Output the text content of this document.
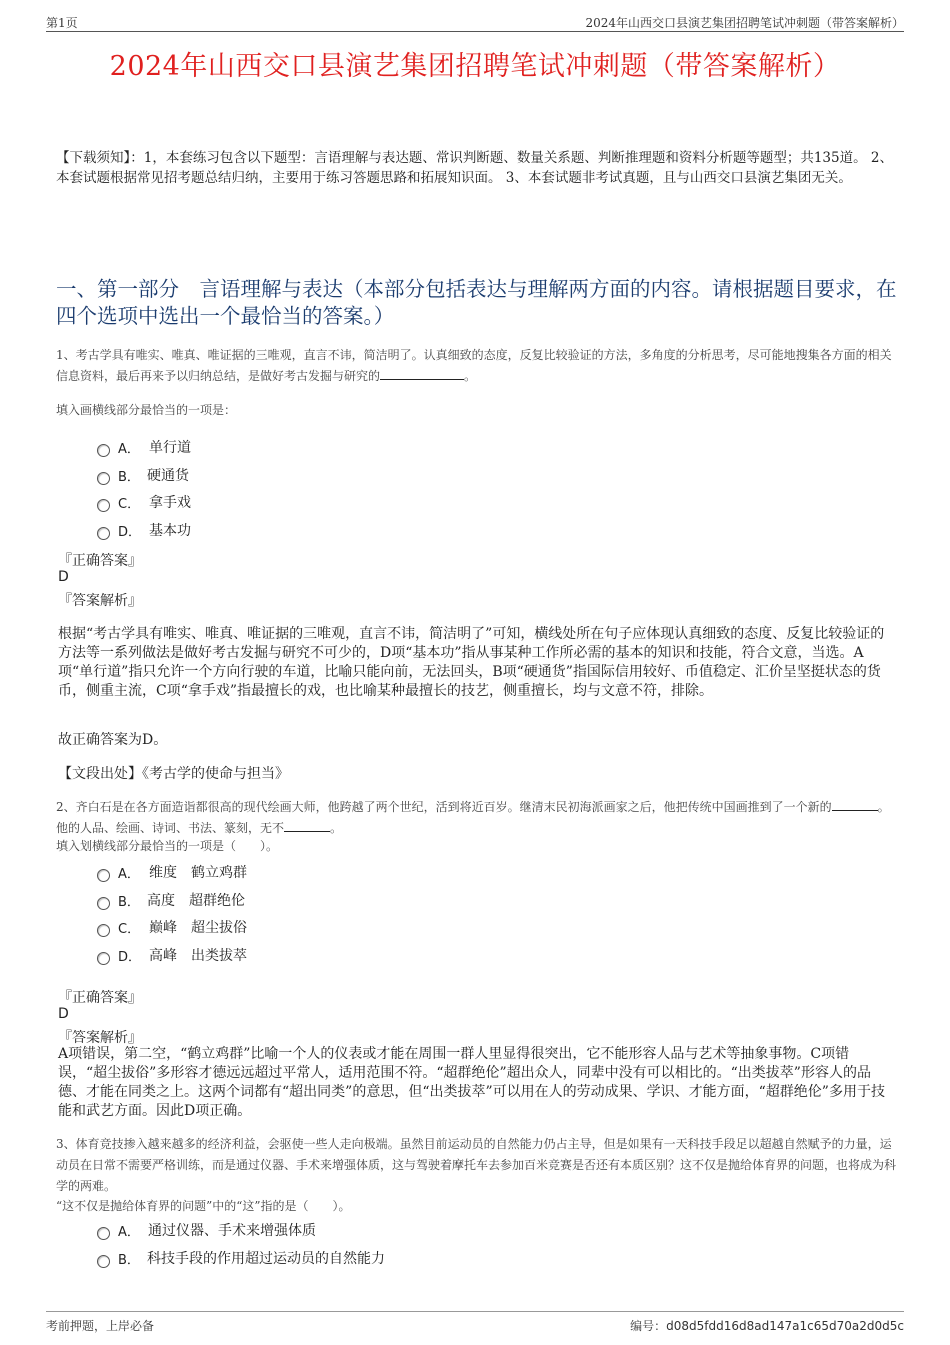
第1页	2024年山西交口县演艺集团招聘笔试冲刺题（带答案解析）
2024年山西交口县演艺集团招聘笔试冲刺题（带答案解析）
【下载须知】：1，本套练习包含以下题型：言语理解与表达题、常识判断题、数量关系题、判断推理题和资料分析题等题型；共135道。 2、本套试题根据常见招考题总结归纳，主要用于练习答题思路和拓展知识面。 3、本套试题非考试真题，且与山西交口县演艺集团无关。
一、第一部分　言语理解与表达（本部分包括表达与理解两方面的内容。请根据题目要求，在四个选项中选出一个最恰当的答案。）
1、考古学具有唯实、唯真、唯证据的三唯观，直言不讳，简洁明了。认真细致的态度，反复比较验证的方法，多角度的分析思考，尽可能地搜集各方面的相关信息资料，最后再来予以归纳总结，是做好考古发掘与研究的	。
填入画横线部分最恰当的一项是：
A． 单行道
B． 硬通货
C． 拿手戏
D． 基本功
『正确答案』
D
『答案解析』
根据“考古学具有唯实、唯真、唯证据的三唯观，直言不讳，简洁明了”可知，横线处所在句子应体现认真细致的态度、反复比较验证的方法等一系列做法是做好考古发掘与研究不可少的，D项“基本功”指从事某种工作所必需的基本的知识和技能，符合文意，当选。A项“单行道”指只允许一个方向行驶的车道，比喻只能向前，无法回头，B项“硬通货”指国际信用较好、币值稳定、汇价呈坚挺状态的货币，侧重主流，C项“拿手戏”指最擅长的戏，也比喻某种最擅长的技艺，侧重擅长，均与文意不符，排除。
故正确答案为D。
【文段出处】《考古学的使命与担当》
2、齐白石是在各方面造诣都很高的现代绘画大师，他跨越了两个世纪，活到将近百岁。继清末民初海派画家之后，他把传统中国画推到了一个新的	。他的人品、绘画、诗词、书法、篆刻，无不	。
填入划横线部分最恰当的一项是（　　）。
A． 维度　鹤立鸡群
B． 高度　超群绝伦
C． 巅峰　超尘拔俗
D． 高峰　出类拔萃
『正确答案』
D
『答案解析』
A项错误，第二空，“鹤立鸡群”比喻一个人的仪表或才能在周围一群人里显得很突出，它不能形容人品与艺术等抽象事物。C项错误，“超尘拔俗”多形容才德远远超过平常人，适用范围不符。“超群绝伦”超出众人，同辈中没有可以相比的。“出类拔萃”形容人的品德、才能在同类之上。这两个词都有“超出同类”的意思，但“出类拔萃”可以用在人的劳动成果、学识、才能方面，“超群绝伦”多用于技能和武艺方面。因此D项正确。
3、体育竞技掺入越来越多的经济利益，会驱使一些人走向极端。虽然目前运动员的自然能力仍占主导，但是如果有一天科技手段足以超越自然赋予的力量，运动员在日常不需要严格训练，而是通过仪器、手术来增强体质，这与驾驶着摩托车去参加百米竞赛是否还有本质区别？这不仅是抛给体育界的问题，也将成为科学的两难。
“这不仅是抛给体育界的问题”中的“这”指的是（　　）。
A． 通过仪器、手术来增强体质
B． 科技手段的作用超过运动员的自然能力
考前押题，上岸必备	编号：d08d5fdd16d8ad147a1c65d70a2d0d5c
